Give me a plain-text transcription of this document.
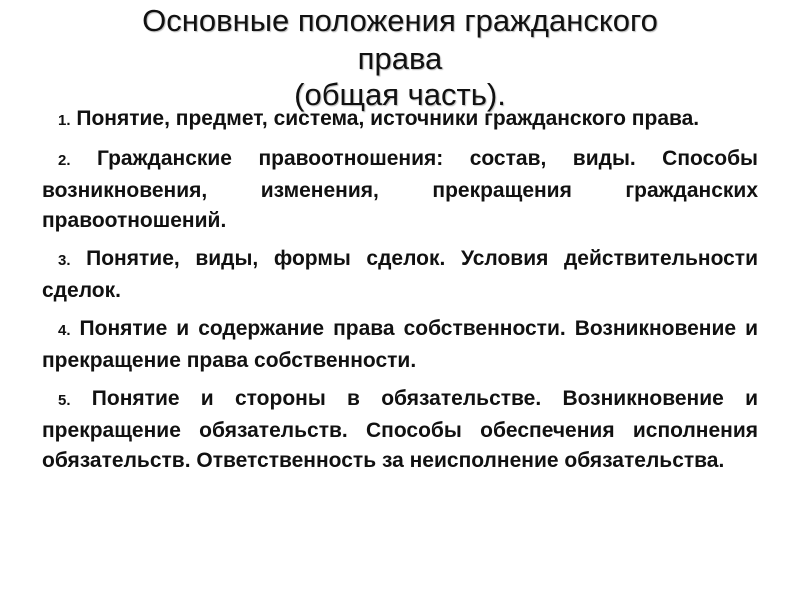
Основные положения гражданского
права
(общая часть).
1. Понятие, предмет, система, источники гражданского права.
2. Гражданские правоотношения: состав, виды. Способы возникновения, изменения, прекращения гражданских правоотношений.
3. Понятие, виды, формы сделок. Условия действительности сделок.
4. Понятие и содержание права собственности. Возникновение и прекращение права собственности.
5. Понятие и стороны в обязательстве. Возникновение и прекращение обязательств. Способы обеспечения исполнения обязательств. Ответственность за неисполнение обязательства.
